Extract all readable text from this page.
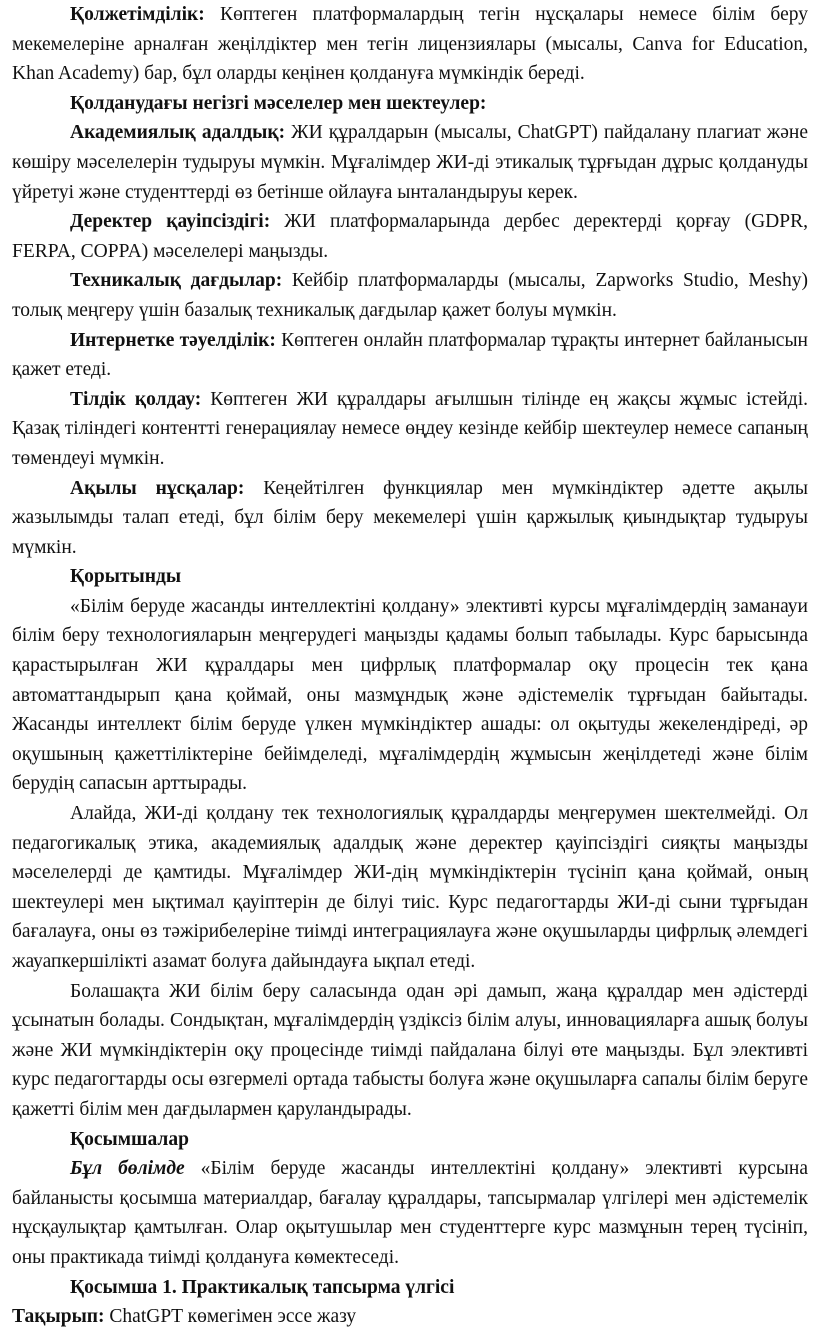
Қолжетімділік: Көптеген платформалардың тегін нұсқалары немесе білім беру мекемелеріне арналған жеңілдіктер мен тегін лицензиялары (мысалы, Canva for Education, Khan Academy) бар, бұл оларды кеңінен қолдануға мүмкіндік береді.

Қолданудағы негізгі мәселелер мен шектеулер:

Академиялық адалдық: ЖИ құралдарын (мысалы, ChatGPT) пайдалану плагиат және көшіру мәселелерін тудыруы мүмкін. Мұғалімдер ЖИ-ді этикалық тұрғыдан дұрыс қолдануды үйретуі және студенттерді өз бетінше ойлауға ынталандыруы керек.

Деректер қауіпсіздігі: ЖИ платформаларында дербес деректерді қорғау (GDPR, FERPA, COPPA) мәселелері маңызды.

Техникалық дағдылар: Кейбір платформаларды (мысалы, Zapworks Studio, Meshy) толық меңгеру үшін базалық техникалық дағдылар қажет болуы мүмкін.

Интернетке тәуелділік: Көптеген онлайн платформалар тұрақты интернет байланысын қажет етеді.

Тілдік қолдау: Көптеген ЖИ құралдары ағылшын тілінде ең жақсы жұмыс істейді. Қазақ тіліндегі контентті генерациялау немесе өңдеу кезінде кейбір шектеулер немесе сапаның төмендеуі мүмкін.

Ақылы нұсқалар: Кеңейтілген функциялар мен мүмкіндіктер әдетте ақылы жазылымды талап етеді, бұл білім беру мекемелері үшін қаржылық қиындықтар тудыруы мүмкін.

Қорытынды

«Білім беруде жасанды интеллектіні қолдану» элективті курсы мұғалімдердің заманауи білім беру технологияларын меңгерудегі маңызды қадамы болып табылады. Курс барысында қарастырылған ЖИ құралдары мен цифрлық платформалар оқу процесін тек қана автоматтандырып қана қоймай, оны мазмұндық және әдістемелік тұрғыдан байытады. Жасанды интеллект білім беруде үлкен мүмкіндіктер ашады: ол оқытуды жекелендіреді, әр оқушының қажеттіліктеріне бейімделеді, мұғалімдердің жұмысын жеңілдетеді және білім берудің сапасын арттырады.

Алайда, ЖИ-ді қолдану тек технологиялық құралдарды меңгерумен шектелмейді. Ол педагогикалық этика, академиялық адалдық және деректер қауіпсіздігі сияқты маңызды мәселелерді де қамтиды. Мұғалімдер ЖИ-дің мүмкіндіктерін түсініп қана қоймай, оның шектеулері мен ықтимал қауіптерін де білуі тиіс. Курс педагогтарды ЖИ-ді сыни тұрғыдан бағалауға, оны өз тәжірибелеріне тиімді интеграциялауға және оқушыларды цифрлық әлемдегі жауапкершілікті азамат болуға дайындауға ықпал етеді.

Болашақта ЖИ білім беру саласында одан әрі дамып, жаңа құралдар мен әдістерді ұсынатын болады. Сондықтан, мұғалімдердің үздіксіз білім алуы, инновацияларға ашық болуы және ЖИ мүмкіндіктерін оқу процесінде тиімді пайдалана білуі өте маңызды. Бұл элективті курс педагогтарды осы өзгермелі ортада табысты болуға және оқушыларға сапалы білім беруге қажетті білім мен дағдылармен қаруландырады.

Қосымшалар

Бұл бөлімде «Білім беруде жасанды интеллектіні қолдану» элективті курсына байланысты қосымша материалдар, бағалау құралдары, тапсырмалар үлгілері мен әдістемелік нұсқаулықтар қамтылған. Олар оқытушылар мен студенттерге курс мазмұнын терең түсініп, оны практикада тиімді қолдануға көмектеседі.

Қосымша 1. Практикалық тапсырма үлгісі

Тақырып: ChatGPT көмегімен эссе жазу
